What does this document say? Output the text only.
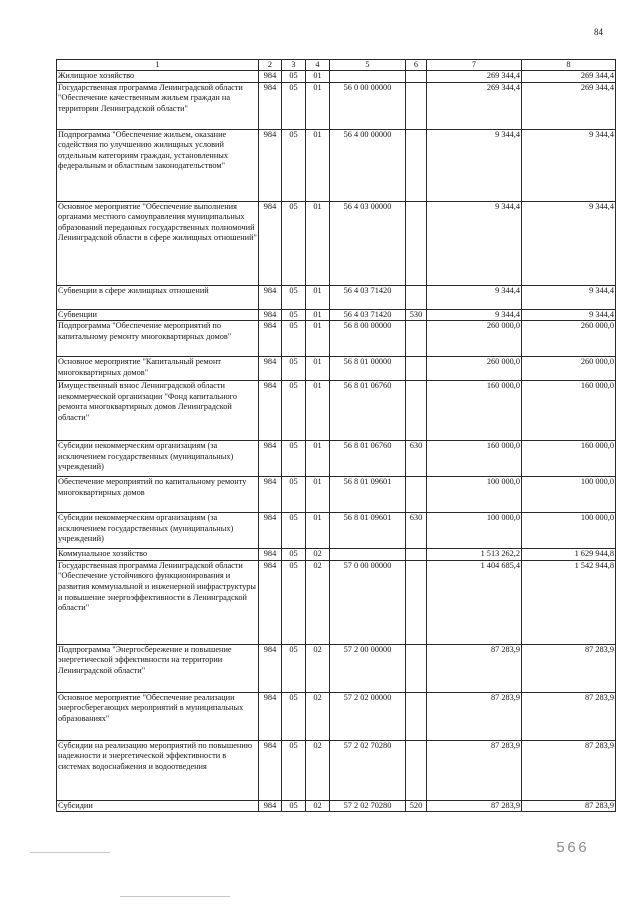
84
1	2	3	4	5	6	7	8
Жилищное хозяйство	984	05	01			269 344,4	269 344,4
Государственная программа Ленинградской области "Обеспечение качественным жильем граждан на территории Ленинградской области"	984	05	01	56 0 00 00000		269 344,4	269 344,4
Подпрограмма "Обеспечение жильем, оказание содействия по улучшению жилищных условий отдельным категориям граждан, установленных федеральным и областным законодательством"	984	05	01	56 4 00 00000		9 344,4	9 344,4
Основное мероприятие "Обеспечение выполнения органами местного самоуправления муниципальных образований переданных государственных полномочий Ленинградской области в сфере жилищных отношений"	984	05	01	56 4 03 00000		9 344,4	9 344,4
Субвенции в сфере жилищных отношений	984	05	01	56 4 03 71420		9 344,4	9 344,4
Субвенции	984	05	01	56 4 03 71420	530	9 344,4	9 344,4
Подпрограмма "Обеспечение мероприятий по капитальному ремонту многоквартирных домов"	984	05	01	56 8 00 00000		260 000,0	260 000,0
Основное мероприятие "Капитальный ремонт многоквартирных домов"	984	05	01	56 8 01 00000		260 000,0	260 000,0
Имущественный взнос Ленинградской области некоммерческой организации "Фонд капитального ремонта многоквартирных домов Ленинградской области"	984	05	01	56 8 01 06760		160 000,0	160 000,0
Субсидии некоммерческим организациям (за исключением государственных (муниципальных) учреждений)	984	05	01	56 8 01 06760	630	160 000,0	160 000,0
Обеспечение мероприятий по капитальному ремонту многоквартирных домов	984	05	01	56 8 01 09601		100 000,0	100 000,0
Субсидии некоммерческим организациям (за исключением государственных (муниципальных) учреждений)	984	05	01	56 8 01 09601	630	100 000,0	100 000,0
Коммунальное хозяйство	984	05	02			1 513 262,2	1 629 944,8
Государственная программа Ленинградской области "Обеспечение устойчивого функционирования и развития коммунальной и инженерной инфраструктуры и повышение энергоэффективности в Ленинградской области"	984	05	02	57 0 00 00000		1 404 685,4	1 542 944,8
Подпрограмма "Энергосбережение и повышение энергетической эффективности на территории Ленинградской области"	984	05	02	57 2 00 00000		87 283,9	87 283,9
Основное мероприятие "Обеспечение реализации энергосберегающих мероприятий в муниципальных образованиях"	984	05	02	57 2 02 00000		87 283,9	87 283,9
Субсидии на реализацию мероприятий по повышению надежности и энергетической эффективности в системах водоснабжения и водоотведения	984	05	02	57 2 02 70280		87 283,9	87 283,9
Субсидии	984	05	02	57 2 02 70280	520	87 283,9	87 283,9
566
